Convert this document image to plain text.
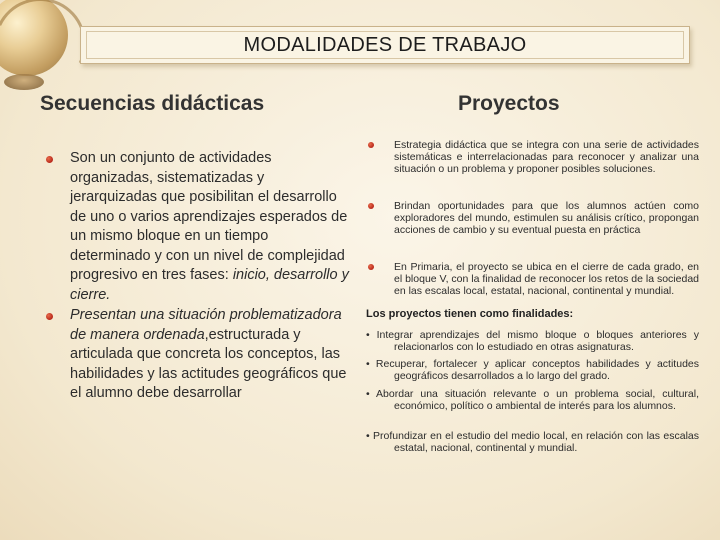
MODALIDADES DE TRABAJO
Secuencias didácticas	Proyectos
Son un conjunto de actividades organizadas, sistematizadas y jerarquizadas que posibilitan el desarrollo de uno o varios aprendizajes esperados de un mismo bloque en un tiempo determinado y con un nivel de complejidad progresivo en tres fases: inicio, desarrollo y cierre.
Presentan una situación problematizadora de manera ordenada,estructurada y articulada que concreta los conceptos, las habilidades y las actitudes geográficos que el alumno debe desarrollar
Estrategia didáctica que se integra con una serie de actividades sistemáticas e interrelacionadas para reconocer y analizar una situación o un problema y proponer posibles soluciones.
Brindan oportunidades para que los alumnos actúen como exploradores del mundo, estimulen su análisis crítico, propongan acciones de cambio y su eventual puesta en práctica
En Primaria, el proyecto se ubica en el cierre de cada grado, en el bloque V, con la finalidad de reconocer los retos de la sociedad en las escalas local, estatal, nacional, continental y mundial.
Los proyectos tienen como finalidades:
• Integrar aprendizajes del mismo bloque o bloques anteriores y relacionarlos con lo estudiado en otras asignaturas.
• Recuperar, fortalecer y aplicar conceptos habilidades y actitudes geográficos desarrollados a lo largo del grado.
• Abordar una situación relevante o un problema social, cultural, económico, político o ambiental de interés para los alumnos.
• Profundizar en el estudio del medio local, en relación con las escalas estatal, nacional, continental y mundial.
